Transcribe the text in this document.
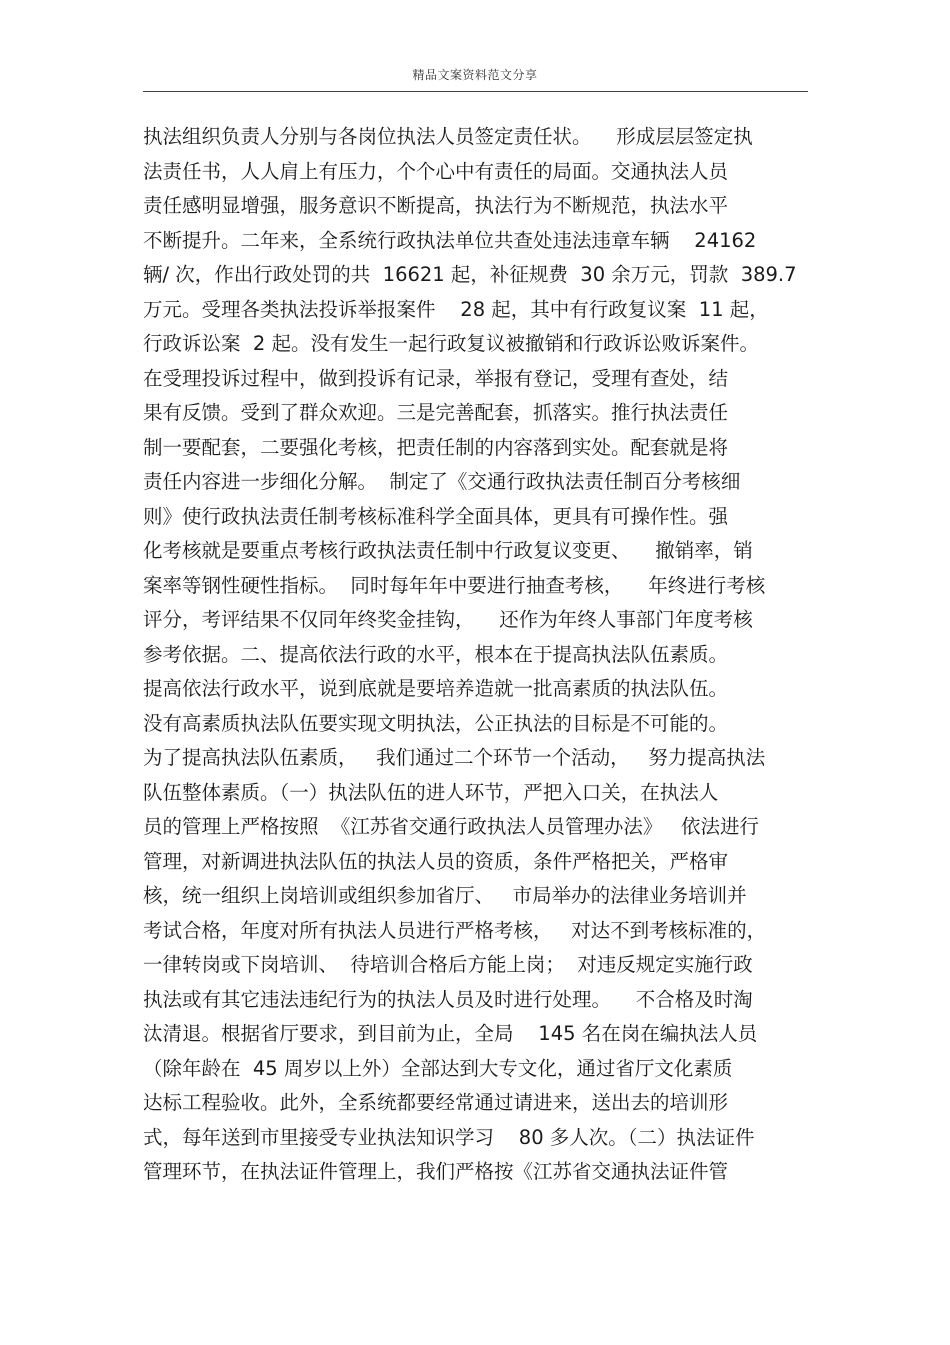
精品文案资料范文分享
执法组织负责人分别与各岗位执法人员签定责任状。    形成层层签定执
法责任书，人人肩上有压力，个个心中有责任的局面。交通执法人员
责任感明显增强，服务意识不断提高，执法行为不断规范，执法水平
不断提升。二年来，全系统行政执法单位共查处违法违章车辆    24162
辆/ 次，作出行政处罚的共  16621 起，补征规费  30 余万元，罚款  389.7
万元。受理各类执法投诉举报案件    28 起，其中有行政复议案  11 起，
行政诉讼案  2 起。没有发生一起行政复议被撤销和行政诉讼败诉案件。
在受理投诉过程中，做到投诉有记录，举报有登记，受理有查处，结
果有反馈。受到了群众欢迎。三是完善配套，抓落实。推行执法责任
制一要配套，二要强化考核，把责任制的内容落到实处。配套就是将
责任内容进一步细化分解。  制定了《交通行政执法责任制百分考核细
则》使行政执法责任制考核标准科学全面具体，更具有可操作性。强
化考核就是要重点考核行政执法责任制中行政复议变更、    撤销率，销
案率等钢性硬性指标。  同时每年年中要进行抽查考核，    年终进行考核
评分，考评结果不仅同年终奖金挂钩，    还作为年终人事部门年度考核
参考依据。二、提高依法行政的水平，根本在于提高执法队伍素质。
提高依法行政水平，说到底就是要培养造就一批高素质的执法队伍。
没有高素质执法队伍要实现文明执法，公正执法的目标是不可能的。
为了提高执法队伍素质，   我们通过二个环节一个活动，   努力提高执法
队伍整体素质。（一）执法队伍的进人环节，严把入口关，在执法人
员的管理上严格按照  《江苏省交通行政执法人员管理办法》   依法进行
管理，对新调进执法队伍的执法人员的资质，条件严格把关，严格审
核，统一组织上岗培训或组织参加省厅、   市局举办的法律业务培训并
考试合格，年度对所有执法人员进行严格考核，   对达不到考核标准的，
一律转岗或下岗培训、  待培训合格后方能上岗；  对违反规定实施行政
执法或有其它违法违纪行为的执法人员及时进行处理。    不合格及时淘
汰清退。根据省厅要求，到目前为止，全局    145 名在岗在编执法人员
（除年龄在  45 周岁以上外）全部达到大专文化，通过省厅文化素质
达标工程验收。此外，全系统都要经常通过请进来，送出去的培训形
式，每年送到市里接受专业执法知识学习    80 多人次。（二）执法证件
管理环节，在执法证件管理上，我们严格按《江苏省交通执法证件管
